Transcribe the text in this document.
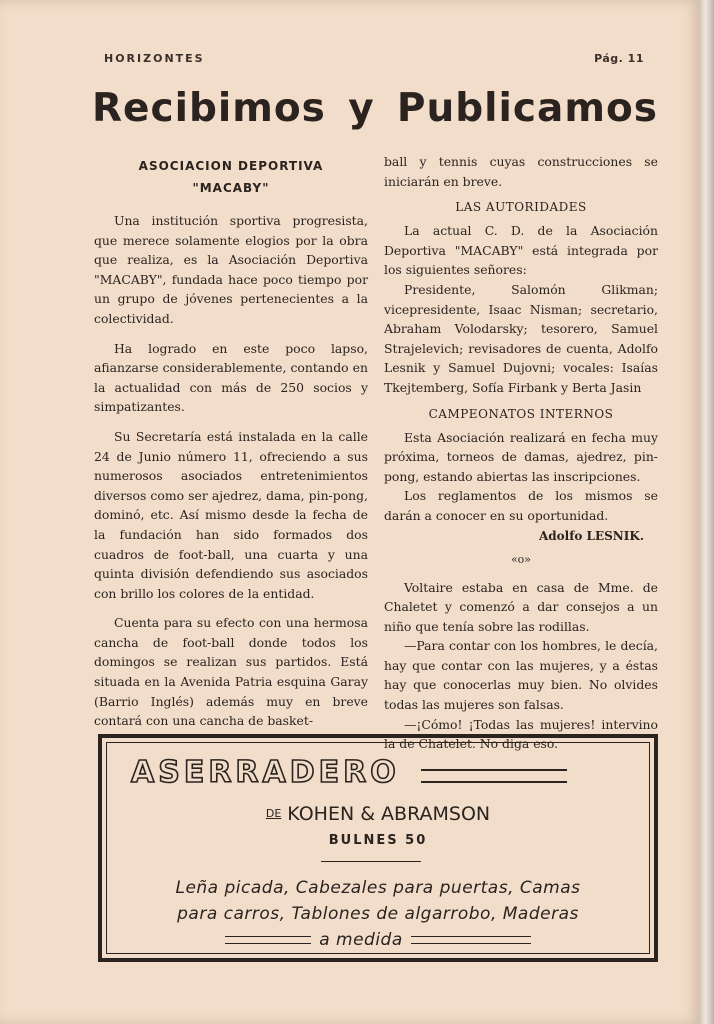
HORIZONTES	Pág. 11
Recibimos y Publicamos
ASOCIACION DEPORTIVA "MACABY"

Una institución sportiva progresista, que merece solamente elogios por la obra que realiza, es la Asociación Deportiva "MACABY", fundada hace poco tiempo por un grupo de jóvenes pertenecientes a la colectividad.

Ha logrado en este poco lapso, afianzarse considerablemente, contando en la actualidad con más de 250 socios y simpatizantes.

Su Secretaría está instalada en la calle 24 de Junio número 11, ofreciendo a sus numerosos asociados entretenimientos diversos como ser ajedrez, dama, pin-pong, dominó, etc. Así mismo desde la fecha de la fundación han sido formados dos cuadros de foot-ball, una cuarta y una quinta división defendiendo sus asociados con brillo los colores de la entidad.

Cuenta para su efecto con una hermosa cancha de foot-ball donde todos los domingos se realizan sus partidos. Está situada en la Avenida Patria esquina Garay (Barrio Inglés) además muy en breve contará con una cancha de basket-

ball y tennis cuyas construcciones se iniciarán en breve.

LAS AUTORIDADES

La actual C. D. de la Asociación Deportiva "MACABY" está integrada por los siguientes señores:

Presidente, Salomón Glikman; vicepresidente, Isaac Nisman; secretario, Abraham Volodarsky; tesorero, Samuel Strajelevich; revisadores de cuenta, Adolfo Lesnik y Samuel Dujovni; vocales: Isaías Tkejtemberg, Sofía Firbank y Berta Jasin

CAMPEONATOS INTERNOS

Esta Asociación realizará en fecha muy próxima, torneos de damas, ajedrez, pin-pong, estando abiertas las inscripciones.

Los reglamentos de los mismos se darán a conocer en su oportunidad.

Adolfo LESNIK.
«o»

Voltaire estaba en casa de Mme. de Chaletet y comenzó a dar consejos a un niño que tenía sobre las rodillas.

—Para contar con los hombres, le decía, hay que contar con las mujeres, y a éstas hay que conocerlas muy bien. No olvides todas las mujeres son falsas.

—¡Cómo! ¡Todas las mujeres! intervino la de Chatelet. No diga eso.

ASERRADERO
DE KOHEN & ABRAMSON
BULNES 50
Leña picada, Cabezales para puertas, Camas
para carros, Tablones de algarrobo, Maderas
a medida
